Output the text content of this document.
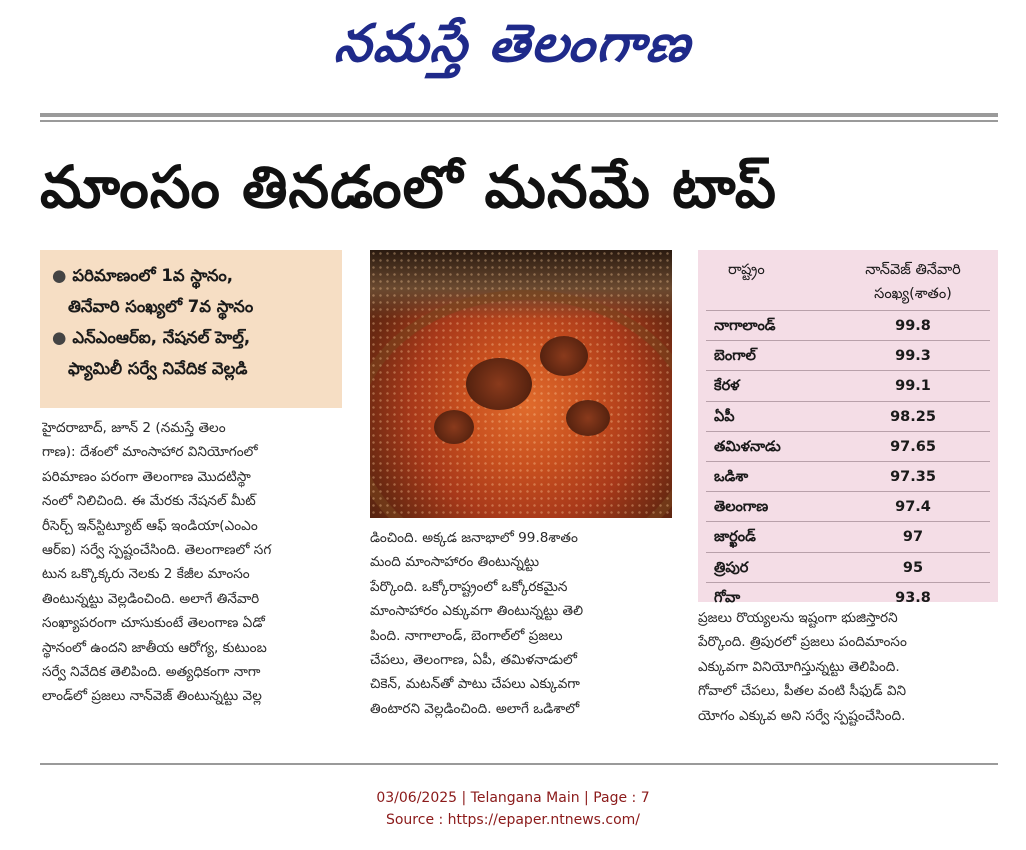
నమస్తే తెలంగాణ
మాంసం తినడంలో మనమే టాప్
● పరిమాణంలో 1వ స్థానం,
తినేవారి సంఖ్యలో 7వ స్థానం
● ఎన్ఎంఆర్ఐ, నేషనల్ హెల్త్,
ఫ్యామిలీ సర్వే నివేదిక వెల్లడి
హైదరాబాద్, జూన్ 2 (నమస్తే తెలం
గాణ): దేశంలో మాంసాహార వినియోగంలో
పరిమాణం పరంగా తెలంగాణ మొదటిస్థా
నంలో నిలిచింది. ఈ మేరకు నేషనల్ మీట్
రీసెర్చ్ ఇన్‌స్టిట్యూట్ ఆఫ్ ఇండియా(ఎంఎం
ఆర్ఐ) సర్వే స్పష్టంచేసింది. తెలంగాణలో సగ
టున ఒక్కొక్కరు నెలకు 2 కేజీల మాంసం
తింటున్నట్టు వెల్లడించింది. అలాగే తినేవారి
సంఖ్యాపరంగా చూసుకుంటే తెలంగాణ ఏడో
స్థానంలో ఉందని జాతీయ ఆరోగ్య, కుటుంబ
సర్వే నివేదిక తెలిపింది. అత్యధికంగా నాగా
లాండ్‌లో ప్రజలు నాన్‌వెజ్ తింటున్నట్టు వెల్ల
డించింది. అక్కడ జనాభాలో 99.8శాతం
మంది మాంసాహారం తింటున్నట్టు
పేర్కొంది. ఒక్కోరాష్ట్రంలో ఒక్కోరకమైన
మాంసాహారం ఎక్కువగా తింటున్నట్టు తెలి
పింది. నాగాలాండ్, బెంగాల్‌లో ప్రజలు
చేపలు, తెలంగాణ, ఏపీ, తమిళనాడులో
చికెన్, మటన్‌తో పాటు చేపలు ఎక్కువగా
తింటారని వెల్లడించింది. అలాగే ఒడిశాలో
రాష్ట్రం	నాన్‌వెజ్ తినేవారి
సంఖ్య(శాతం)
నాగాలాండ్	99.8
బెంగాల్	99.3
కేరళ	99.1
ఏపీ	98.25
తమిళనాడు	97.65
ఒడిశా	97.35
తెలంగాణ	97.4
జార్ఖండ్	97
త్రిపుర	95
గోవా	93.8
ప్రజలు రొయ్యలను ఇష్టంగా భుజిస్తారని
పేర్కొంది. త్రిపురలో ప్రజలు పందిమాంసం
ఎక్కువగా వినియోగిస్తున్నట్టు తెలిపింది.
గోవాలో చేపలు, పీతల వంటి సీఫుడ్ విని
యోగం ఎక్కువ అని సర్వే స్పష్టంచేసింది.
03/06/2025 | Telangana Main | Page : 7
Source : https://epaper.ntnews.com/
